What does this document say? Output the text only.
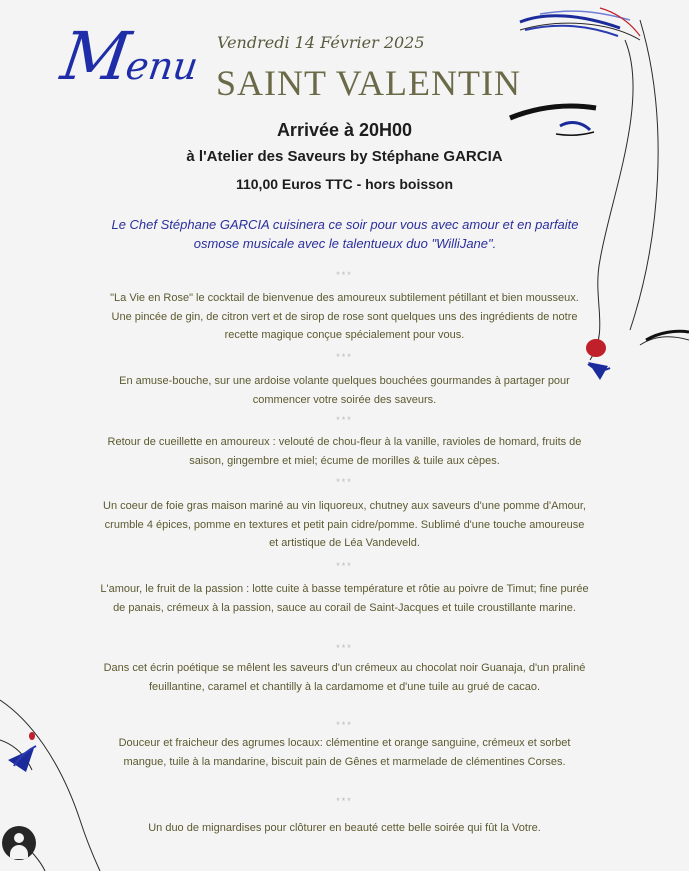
Menu
Vendredi 14 Février 2025
SAINT VALENTIN
Arrivée à 20H00
à l'Atelier des Saveurs by Stéphane GARCIA
110,00 Euros TTC - hors boisson
Le Chef Stéphane GARCIA cuisinera ce soir pour vous avec amour et en parfaite osmose musicale avec le talentueux duo "WilliJane".
***
"La Vie en Rose" le cocktail de bienvenue des amoureux subtilement pétillant et bien mousseux. Une pincée de gin, de citron vert et de sirop de rose sont quelques uns des ingrédients de notre recette magique conçue spécialement pour vous.
***
En amuse-bouche, sur une ardoise volante quelques bouchées gourmandes à partager pour commencer votre soirée des saveurs.
***
Retour de cueillette en amoureux : velouté de chou-fleur à la vanille, ravioles de homard, fruits de saison, gingembre et miel; écume de morilles & tuile aux cèpes.
***
Un coeur de foie gras maison mariné au vin liquoreux, chutney aux saveurs d'une pomme d'Amour, crumble 4 épices, pomme en textures et petit pain cidre/pomme. Sublimé d'une touche amoureuse et artistique de Léa Vandeveld.
***
L'amour, le fruit de la passion : lotte cuite à basse température et rôtie au poivre de Timut; fine purée de panais, crémeux à la passion, sauce au corail de Saint-Jacques et tuile croustillante marine.
***
Dans cet écrin poétique se mêlent les saveurs d'un crémeux au chocolat noir Guanaja, d'un praliné feuillantine, caramel et chantilly à la cardamome et d'une tuile au grué de cacao.
***
Douceur et fraicheur des agrumes locaux: clémentine et orange sanguine, crémeux et sorbet mangue, tuile à la mandarine, biscuit pain de Gênes et marmelade de clémentines Corses.
***
Un duo de mignardises pour clôturer en beauté cette belle soirée qui fût la Votre.
